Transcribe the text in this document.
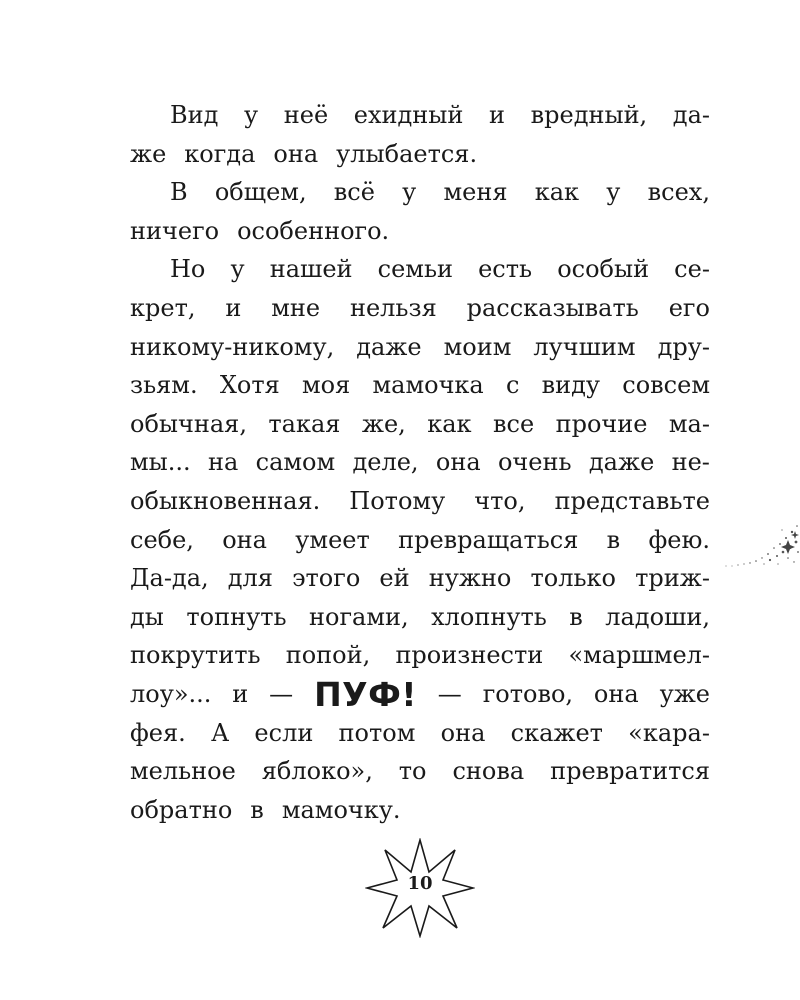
Вид у неё ехидный и вредный, да-
же когда она улыбается.
В общем, всё у меня как у всех,
ничего особенного.
Но у нашей семьи есть особый се-
крет, и мне нельзя рассказывать его
никому-никому, даже моим лучшим дру-
зьям. Хотя моя мамочка с виду совсем
обычная, такая же, как все прочие ма-
мы... на самом деле, она очень даже не-
обыкновенная. Потому что, представьте
себе, она умеет превращаться в фею.
Да-да, для этого ей нужно только триж-
ды топнуть ногами, хлопнуть в ладоши,
покрутить попой, произнести «маршмел-
лоу»... и — ПУФ! — готово, она уже
фея. А если потом она скажет «кара-
мельное яблоко», то снова превратится
обратно в мамочку.
10
